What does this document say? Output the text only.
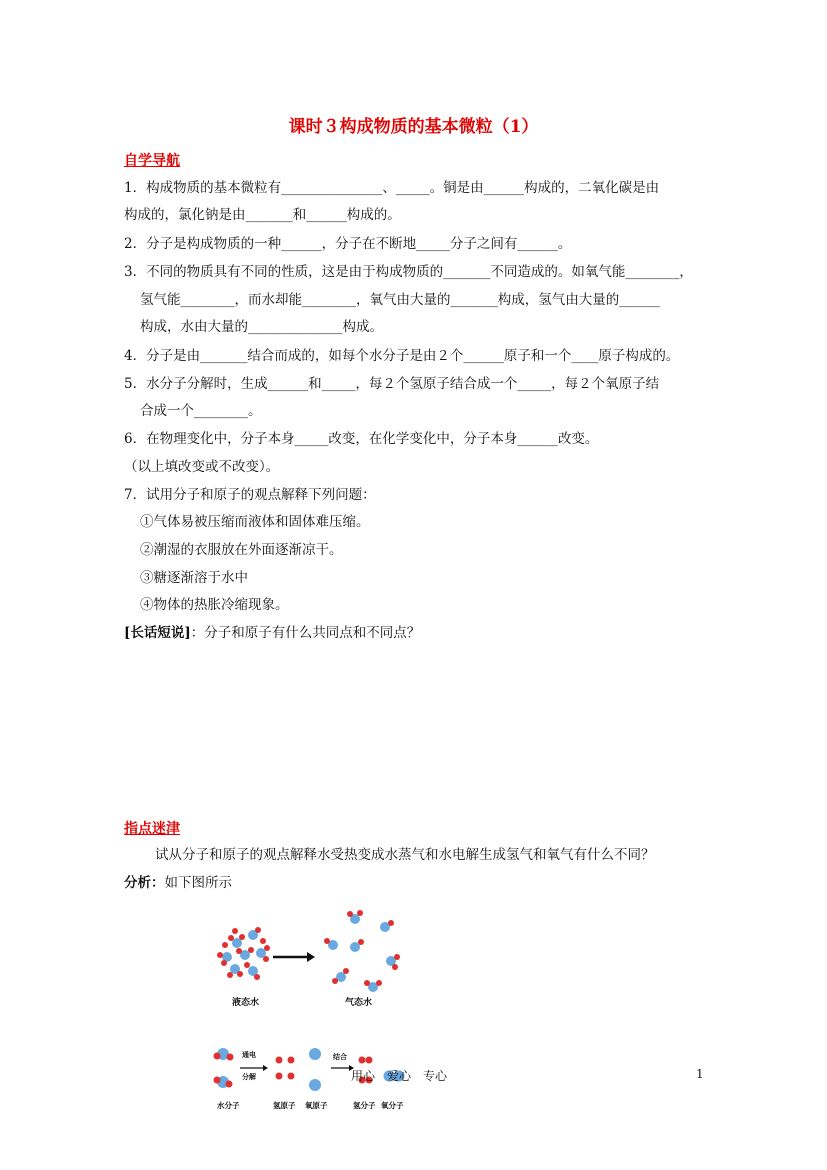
课时３构成物质的基本微粒（1）
自学导航
1．构成物质的基本微粒有_______________、_____。铜是由______构成的，二氧化碳是由
构成的，氯化钠是由_______和______构成的。
2．分子是构成物质的一种______，分子在不断地_____分子之间有______。
3．不同的物质具有不同的性质，这是由于构成物质的_______不同造成的。如氧气能________，
氢气能________，而水却能________，氧气由大量的_______构成，氢气由大量的______
构成，水由大量的______________构成。
4．分子是由_______结合而成的，如每个水分子是由２个______原子和一个____原子构成的。
5．水分子分解时，生成______和_____，每２个氢原子结合成一个_____，每２个氧原子结
合成一个________。
6．在物理变化中，分子本身_____改变，在化学变化中，分子本身______改变。
（以上填改变或不改变）。
7．试用分子和原子的观点解释下列问题：
①气体易被压缩而液体和固体难压缩。
②潮湿的衣服放在外面逐渐凉干。
③糖逐渐溶于水中
④物体的热胀冷缩现象。
[长话短说]：分子和原子有什么共同点和不同点？
指点迷津
试从分子和原子的观点解释水受热变成水蒸气和水电解生成氢气和氧气有什么不同？
分析：如下图所示
液态水	气态水
通电
分解
结合
水分子	氢原子 氧原子	氢分子 氧分子
用心　爱心　专心	1
